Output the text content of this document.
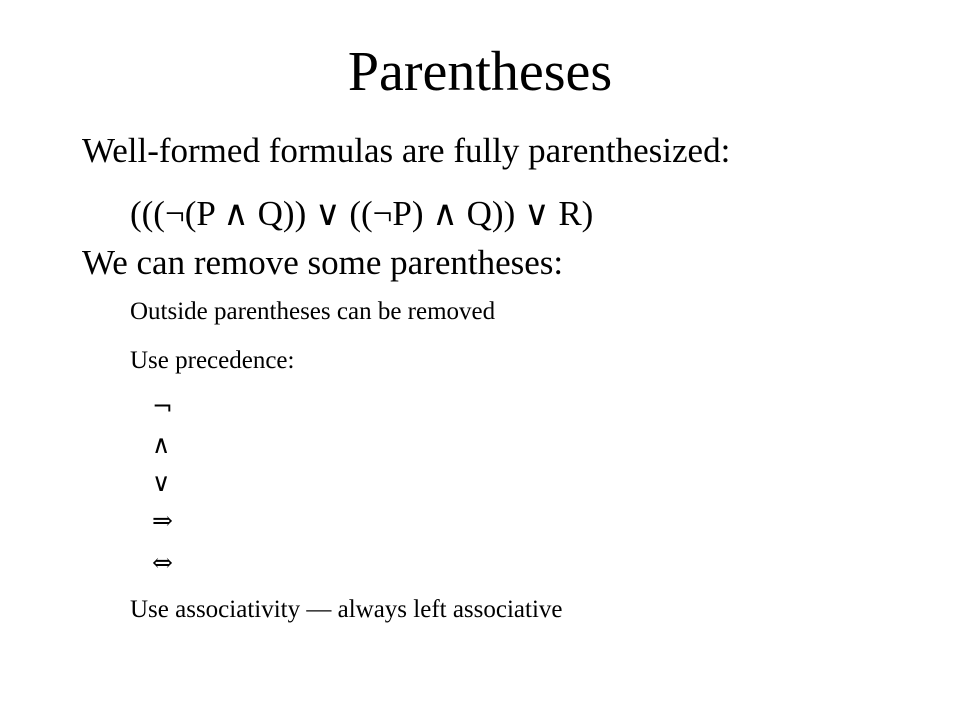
Parentheses
Well-formed formulas are fully parenthesized:
(((¬(P ∧ Q)) ∨ ((¬P) ∧ Q)) ∨ R)
We can remove some parentheses:
Outside parentheses can be removed
Use precedence:
¬
∧
∨
⇒
⇔
Use associativity — always left associative
